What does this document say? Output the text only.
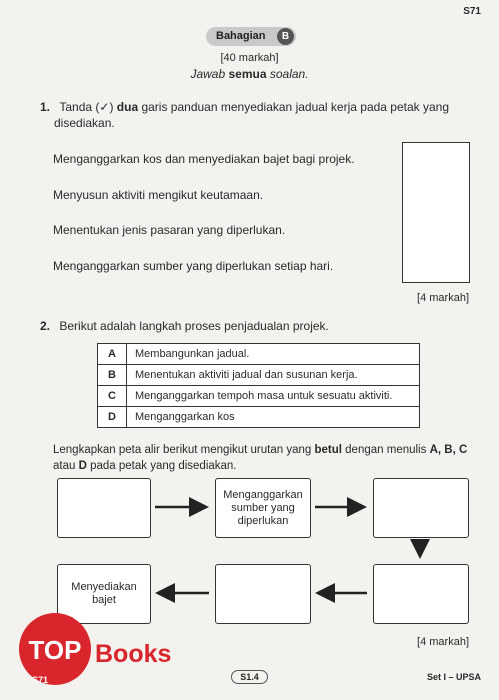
S71
Bahagian	B
[40 markah]
Jawab semua soalan.
1. Tanda (✓) dua garis panduan menyediakan jadual kerja pada petak yang
disediakan.
Menganggarkan kos dan menyediakan bajet bagi projek.
Menyusun aktiviti mengikut keutamaan.
Menentukan jenis pasaran yang diperlukan.
Menganggarkan sumber yang diperlukan setiap hari.
[4 markah]
2. Berikut adalah langkah proses penjadualan projek.
A	Membangunkan jadual.
B	Menentukan aktiviti jadual dan susunan kerja.
C	Menganggarkan tempoh masa untuk sesuatu aktiviti.
D	Menganggarkan kos
Lengkapkan peta alir berikut mengikut urutan yang betul dengan menulis A, B, C
atau D pada petak yang disediakan.
Menganggarkan sumber yang diperlukan
Menyediakan bajet
[4 markah]
S1.4	Set I – UPSA
TOP Books
S71
